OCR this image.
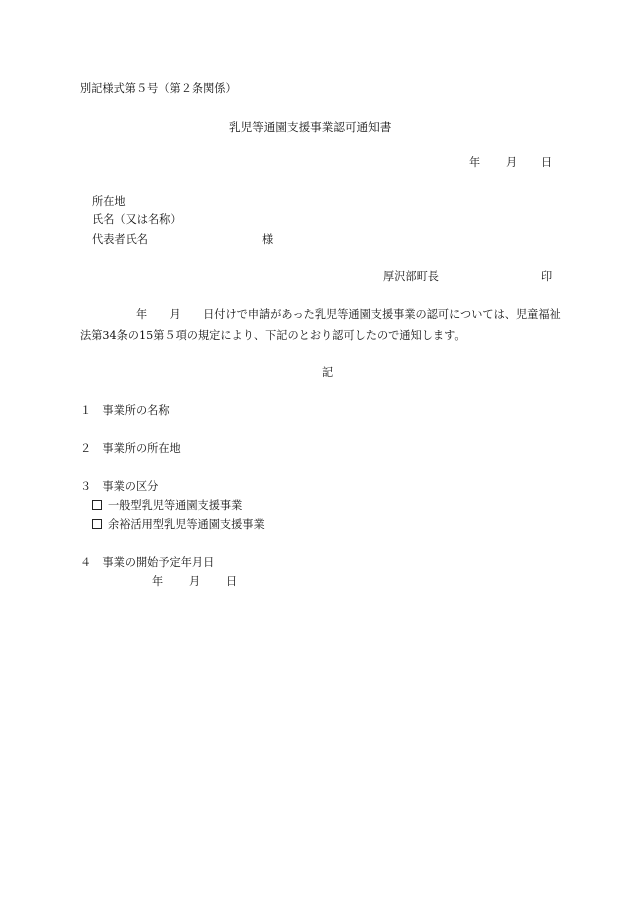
別記様式第５号（第２条関係）
乳児等通園支援事業認可通知書
年 月 日
所在地
氏名（又は名称）
代表者氏名	様
厚沢部町長	印
　　　　　年　　月　　日付けで申請があった乳児等通園支援事業の認可については、児童福祉法第34条の15第５項の規定により、下記のとおり認可したので通知します。
記
１　事業所の名称
２　事業所の所在地
３　事業の区分
一般型乳児等通園支援事業
余裕活用型乳児等通園支援事業
４　事業の開始予定年月日
年 月 日
